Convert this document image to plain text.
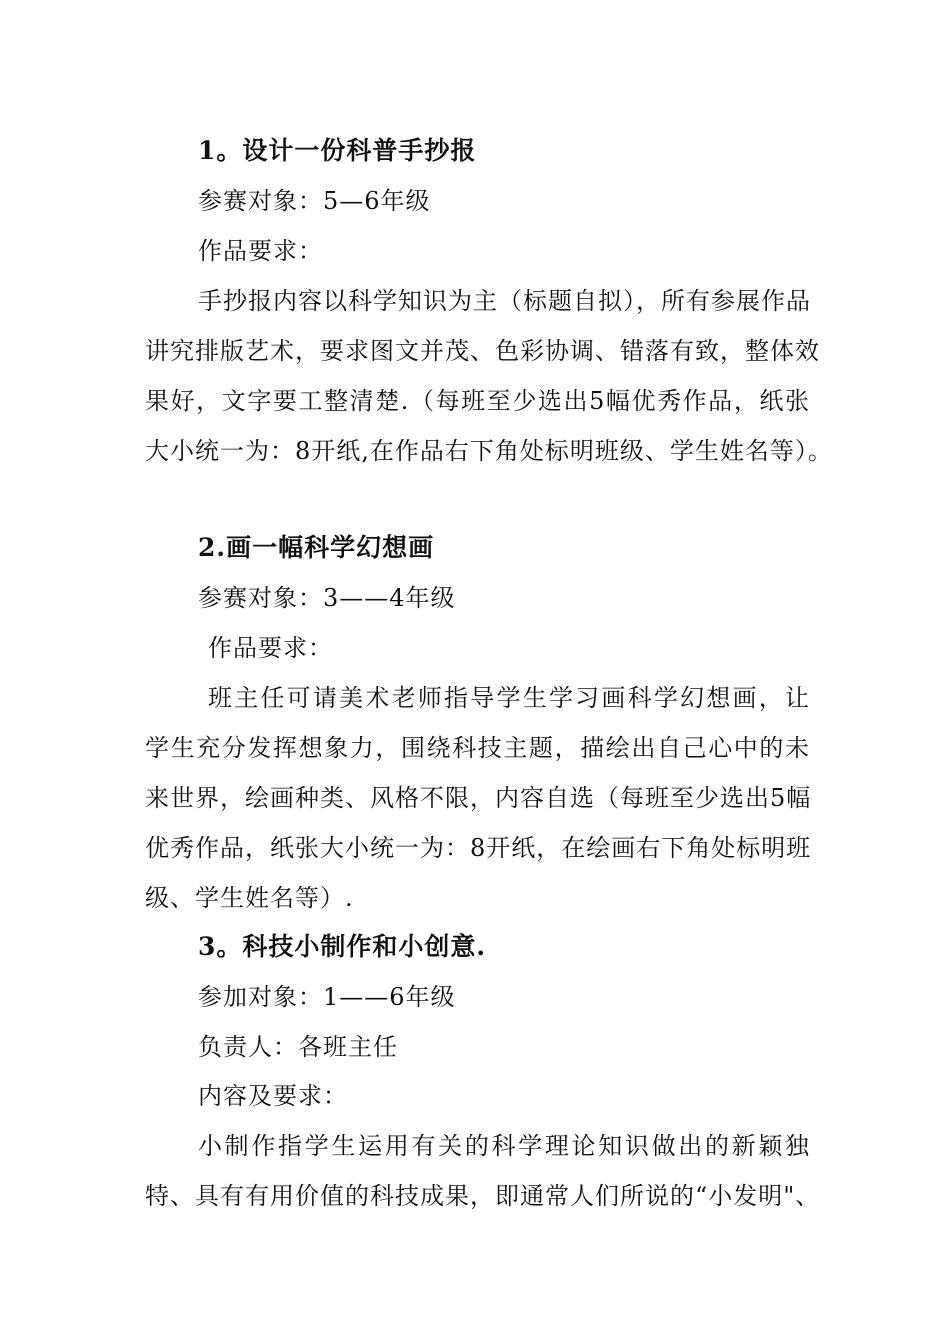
1。设计一份科普手抄报
参赛对象：5—6年级
作品要求：
手抄报内容以科学知识为主（标题自拟），所有参展作品
讲究排版艺术，要求图文并茂、色彩协调、错落有致，整体效
果好，文字要工整清楚.（每班至少选出5幅优秀作品，纸张
大小统一为：8开纸,在作品右下角处标明班级、学生姓名等）。
2.画一幅科学幻想画
参赛对象：3——4年级
作品要求：
班主任可请美术老师指导学生学习画科学幻想画，让
学生充分发挥想象力，围绕科技主题，描绘出自己心中的未
来世界，绘画种类、风格不限，内容自选（每班至少选出5幅
优秀作品，纸张大小统一为：8开纸，在绘画右下角处标明班
级、学生姓名等）.
3。科技小制作和小创意.
参加对象：1——6年级
负责人：各班主任
内容及要求：
小制作指学生运用有关的科学理论知识做出的新颖独
特、具有有用价值的科技成果，即通常人们所说的“小发明"、
